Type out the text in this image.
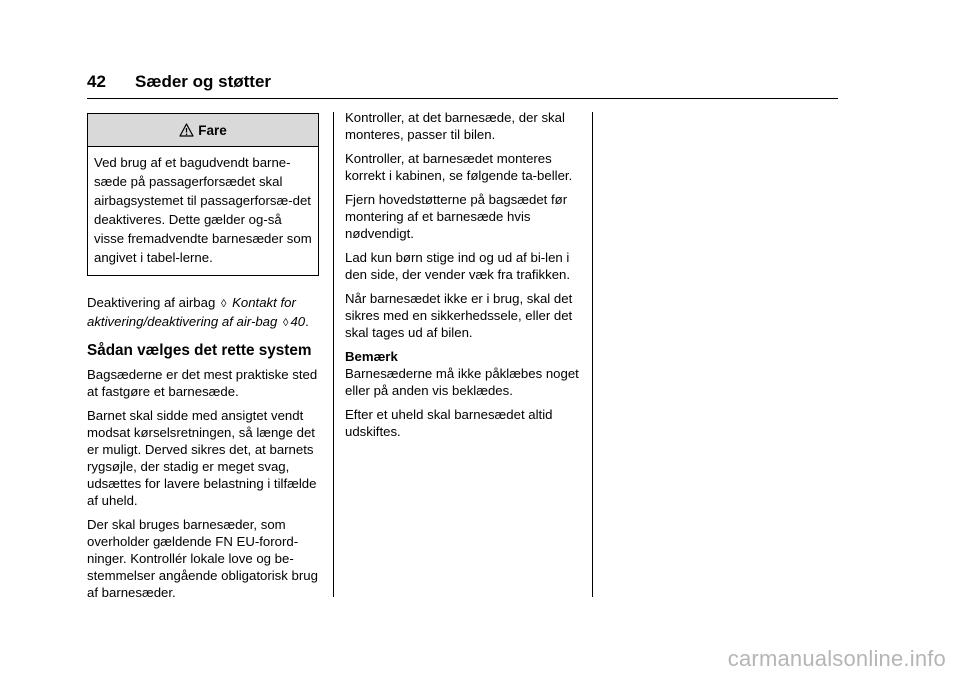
42 Sæder og støtter
Fare
Ved brug af et bagudvendt barne-sæde på passagerforsædet skal airbagsystemet til passagerforsæ-det deaktiveres. Dette gælder og-så visse fremadvendte barnesæder som angivet i tabel-lerne.

Deaktivering af airbag ◊ Kontakt for aktivering/deaktivering af air-bag ◊ 40.

Sådan vælges det rette system

Bagsæderne er det mest praktiske sted at fastgøre et barnesæde.

Barnet skal sidde med ansigtet vendt modsat kørselsretningen, så længe det er muligt. Derved sikres det, at barnets rygsøjle, der stadig er meget svag, udsættes for lavere belastning i tilfælde af uheld.

Der skal bruges barnesæder, som overholder gældende FN EU-forord-ninger. Kontrollér lokale love og be-stemmelser angående obligatorisk brug af barnesæder.

Kontroller, at det barnesæde, der skal monteres, passer til bilen.

Kontroller, at barnesædet monteres korrekt i kabinen, se følgende ta-beller.

Fjern hovedstøtterne på bagsædet før montering af et barnesæde hvis nødvendigt.

Lad kun børn stige ind og ud af bi-len i den side, der vender væk fra trafikken.

Når barnesædet ikke er i brug, skal det sikres med en sikkerhedssele, eller det skal tages ud af bilen.

Bemærk

Barnesæderne må ikke påklæbes noget eller på anden vis beklædes.

Efter et uheld skal barnesædet altid udskiftes.

carmanualsonline.info
